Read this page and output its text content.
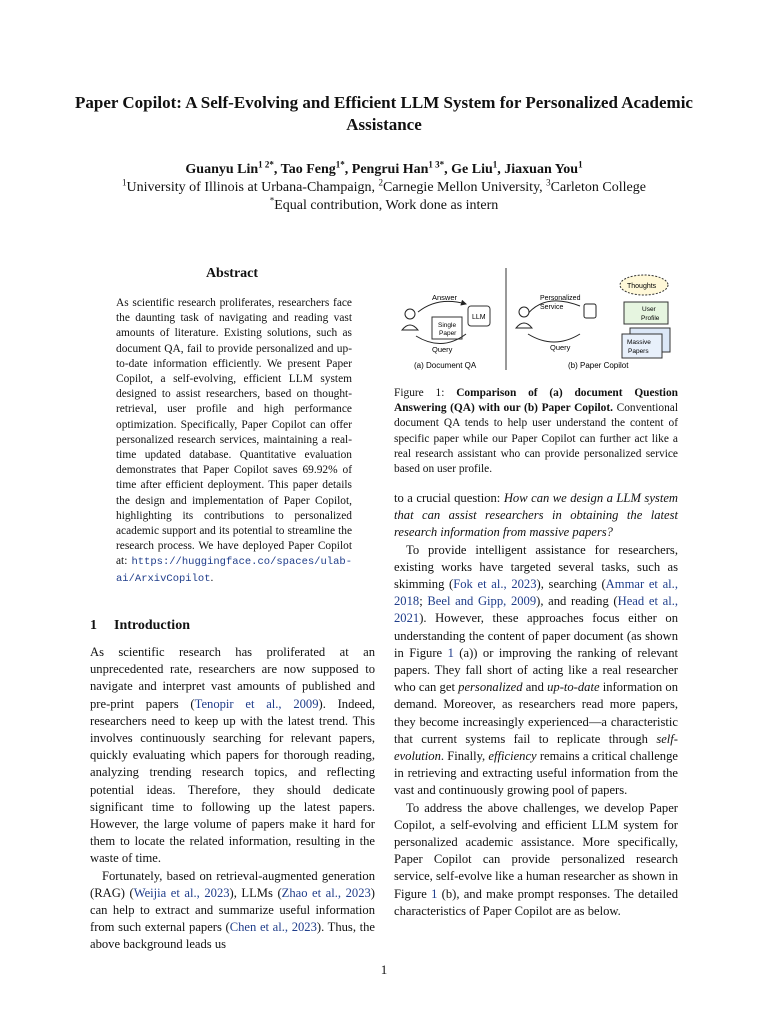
Paper Copilot: A Self-Evolving and Efficient LLM System for Personalized Academic Assistance
Guanyu Lin$^{1 2*}$, Tao Feng$^{1*}$, Pengrui Han$^{1 3*}$, Ge Liu$^1$, Jiaxuan You$^1$
$^1$University of Illinois at Urbana-Champaign, $^2$Carnegie Mellon University, $^3$Carleton College
*Equal contribution, Work done as intern
Abstract
As scientific research proliferates, researchers face the daunting task of navigating and reading vast amounts of literature. Existing solutions, such as document QA, fail to provide personalized and up-to-date information efficiently. We present Paper Copilot, a self-evolving, efficient LLM system designed to assist researchers, based on thought-retrieval, user profile and high performance optimization. Specifically, Paper Copilot can offer personalized research services, maintaining a real-time updated database. Quantitative evaluation demonstrates that Paper Copilot saves 69.92% of time after efficient deployment. This paper details the design and implementation of Paper Copilot, highlighting its contributions to personalized academic support and its potential to streamline the research process. We have deployed Paper Copilot at: https://huggingface.co/spaces/ulab-ai/ArxivCopilot.
1 Introduction

As scientific research has proliferated at an unprecedented rate, researchers are now supposed to navigate and interpret vast amounts of published and pre-print papers (Tenopir et al., 2009). Indeed, researchers need to keep up with the latest trend. This involves continuously searching for relevant papers, quickly evaluating which papers for thorough reading, analyzing trending research topics, and reflecting potential ideas. Therefore, they should dedicate significant time to following up the latest papers. However, the large volume of papers make it hard for them to locate the related information, resulting in the waste of time.

Fortunately, based on retrieval-augmented generation (RAG) (Weijia et al., 2023), LLMs (Zhao et al., 2023) can help to extract and summarize useful information from such external papers (Chen et al., 2023). Thus, the above background leads us

Answer
Single
Paper
LLM
Query
(a) Document QA
Personalized
Service
Query
Thoughts
User
Profile
Massive
Papers
(b) Paper Copilot
Figure 1: Comparison of (a) document Question Answering (QA) with our (b) Paper Copilot. Conventional document QA tends to help user understand the content of specific paper while our Paper Copilot can further act like a real research assistant who can provide personalized service based on user profile.

to a crucial question: How can we design a LLM system that can assist researchers in obtaining the latest research information from massive papers?

To provide intelligent assistance for researchers, existing works have targeted several tasks, such as skimming (Fok et al., 2023), searching (Ammar et al., 2018; Beel and Gipp, 2009), and reading (Head et al., 2021). However, these approaches focus either on understanding the content of paper document (as shown in Figure 1 (a)) or improving the ranking of relevant papers. They fall short of acting like a real researcher who can get personalized and up-to-date information on demand. Moreover, as researchers read more papers, they become increasingly experienced—a characteristic that current systems fail to replicate through self-evolution. Finally, efficiency remains a critical challenge in retrieving and extracting useful information from the vast and continuously growing pool of papers.

To address the above challenges, we develop Paper Copilot, a self-evolving and efficient LLM system for personalized academic assistance. More specifically, Paper Copilot can provide personalized research service, self-evolve like a human researcher as shown in Figure 1 (b), and make prompt responses. The detailed characteristics of Paper Copilot are as below.

1
